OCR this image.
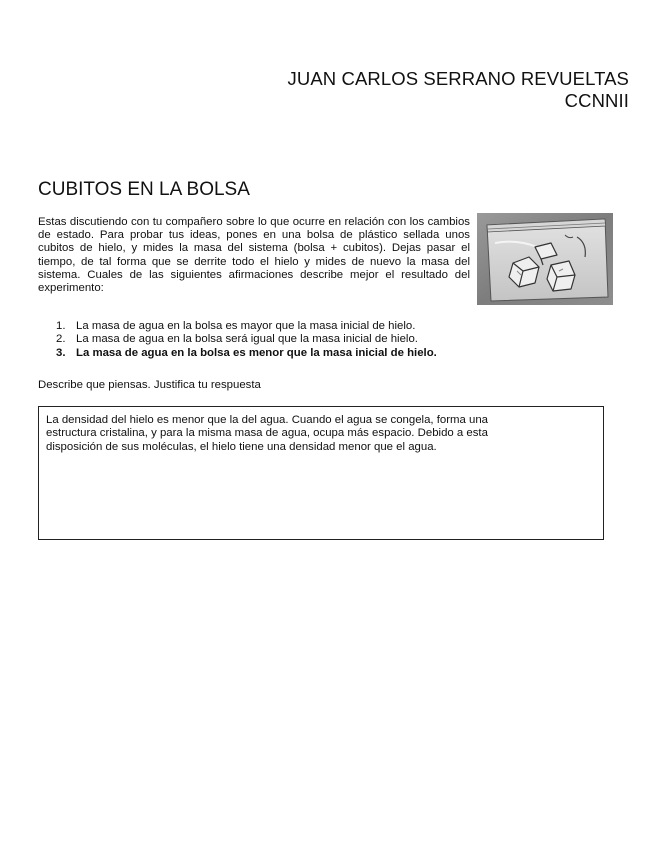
JUAN CARLOS SERRANO REVUELTAS
CCNNII
CUBITOS EN LA BOLSA

Estas discutiendo con tu compañero sobre lo que ocurre en relación con los cambios de estado. Para probar tus ideas, pones en una bolsa de plástico sellada unos cubitos de hielo, y mides la masa del sistema (bolsa + cubitos). Dejas pasar el tiempo, de tal forma que se derrite todo el hielo y mides de nuevo la masa del sistema. Cuales de las siguientes afirmaciones describe mejor el resultado del experimento:

1. La masa de agua en la bolsa es mayor que la masa inicial de hielo.
2. La masa de agua en la bolsa será igual que la masa inicial de hielo.
3. La masa de agua en la bolsa es menor que la masa inicial de hielo.
Describe que piensas. Justifica tu respuesta

La densidad del hielo es menor que la del agua. Cuando el agua se congela, forma una
estructura cristalina, y para la misma masa de agua, ocupa más espacio. Debido a esta
disposición de sus moléculas, el hielo tiene una densidad menor que el agua.
